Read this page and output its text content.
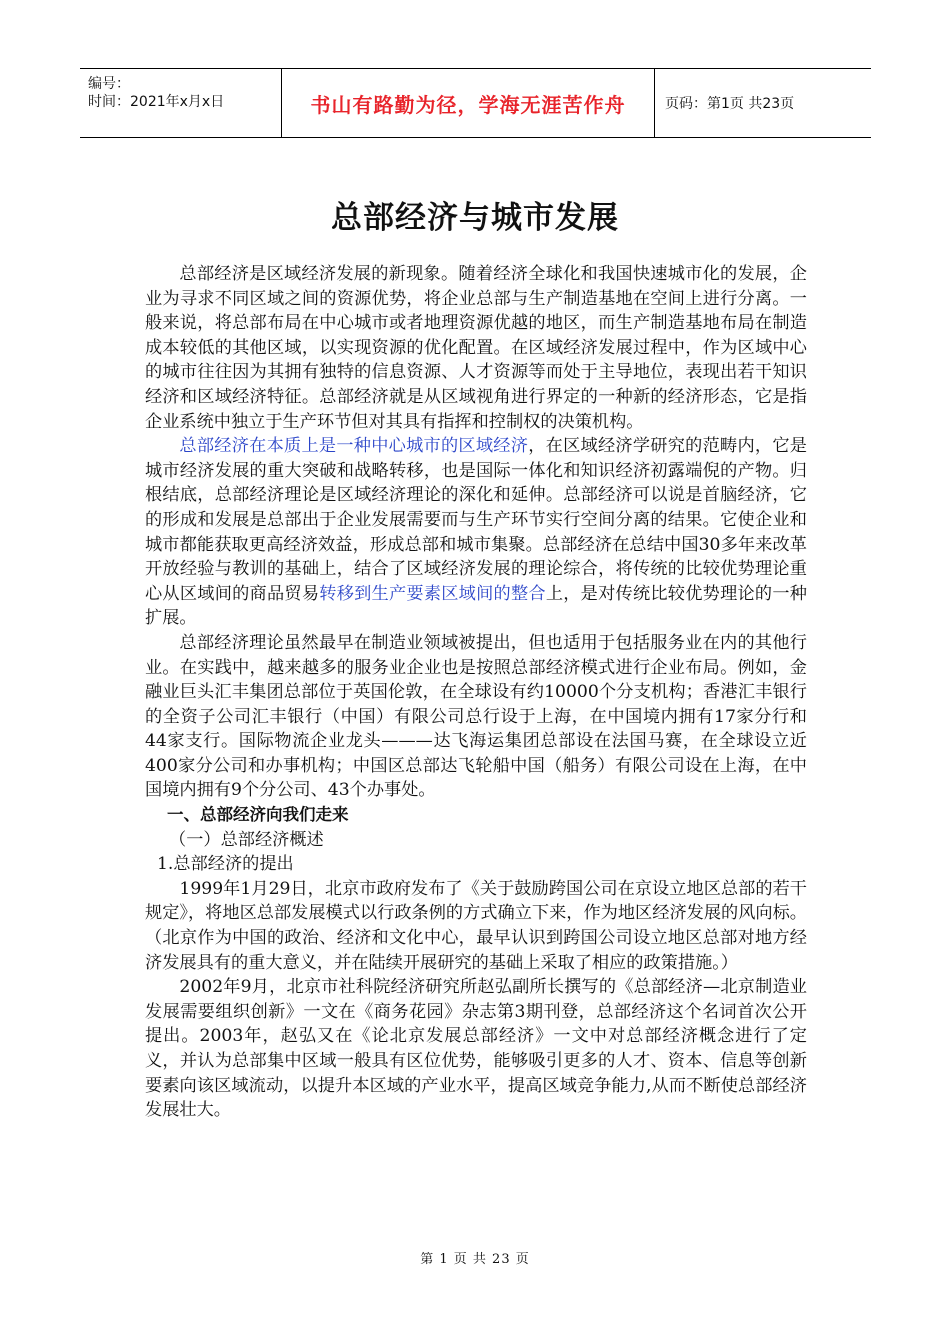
编号：
时间：2021年x月x日	书山有路勤为径，学海无涯苦作舟	页码：第1页 共23页
总部经济与城市发展

总部经济是区域经济发展的新现象。随着经济全球化和我国快速城市化的发展，企业为寻求不同区域之间的资源优势，将企业总部与生产制造基地在空间上进行分离。一般来说，将总部布局在中心城市或者地理资源优越的地区，而生产制造基地布局在制造成本较低的其他区域，以实现资源的优化配置。在区域经济发展过程中，作为区域中心的城市往往因为其拥有独特的信息资源、人才资源等而处于主导地位，表现出若干知识经济和区域经济特征。总部经济就是从区域视角进行界定的一种新的经济形态，它是指企业系统中独立于生产环节但对其具有指挥和控制权的决策机构。

总部经济在本质上是一种中心城市的区域经济，在区域经济学研究的范畴内，它是城市经济发展的重大突破和战略转移，也是国际一体化和知识经济初露端倪的产物。归根结底，总部经济理论是区域经济理论的深化和延伸。总部经济可以说是首脑经济，它的形成和发展是总部出于企业发展需要而与生产环节实行空间分离的结果。它使企业和城市都能获取更高经济效益，形成总部和城市集聚。总部经济在总结中国30多年来改革开放经验与教训的基础上，结合了区域经济发展的理论综合，将传统的比较优势理论重心从区域间的商品贸易转移到生产要素区域间的整合上，是对传统比较优势理论的一种扩展。

总部经济理论虽然最早在制造业领域被提出，但也适用于包括服务业在内的其他行业。在实践中，越来越多的服务业企业也是按照总部经济模式进行企业布局。例如，金融业巨头汇丰集团总部位于英国伦敦，在全球设有约10000个分支机构；香港汇丰银行的全资子公司汇丰银行（中国）有限公司总行设于上海，在中国境内拥有17家分行和44家支行。国际物流企业龙头———达飞海运集团总部设在法国马赛，在全球设立近400家分公司和办事机构；中国区总部达飞轮船中国（船务）有限公司设在上海，在中国境内拥有9个分公司、43个办事处。

一、总部经济向我们走来
（一）总部经济概述
1.总部经济的提出

1999年1月29日，北京市政府发布了《关于鼓励跨国公司在京设立地区总部的若干规定》，将地区总部发展模式以行政条例的方式确立下来，作为地区经济发展的风向标。（北京作为中国的政治、经济和文化中心，最早认识到跨国公司设立地区总部对地方经济发展具有的重大意义，并在陆续开展研究的基础上采取了相应的政策措施。）

2002年9月，北京市社科院经济研究所赵弘副所长撰写的《总部经济—北京制造业发展需要组织创新》一文在《商务花园》杂志第3期刊登，总部经济这个名词首次公开提出。2003年，赵弘又在《论北京发展总部经济》一文中对总部经济概念进行了定义，并认为总部集中区域一般具有区位优势，能够吸引更多的人才、资本、信息等创新要素向该区域流动，以提升本区域的产业水平，提高区域竞争能力,从而不断使总部经济发展壮大。

第 1 页 共 23 页
